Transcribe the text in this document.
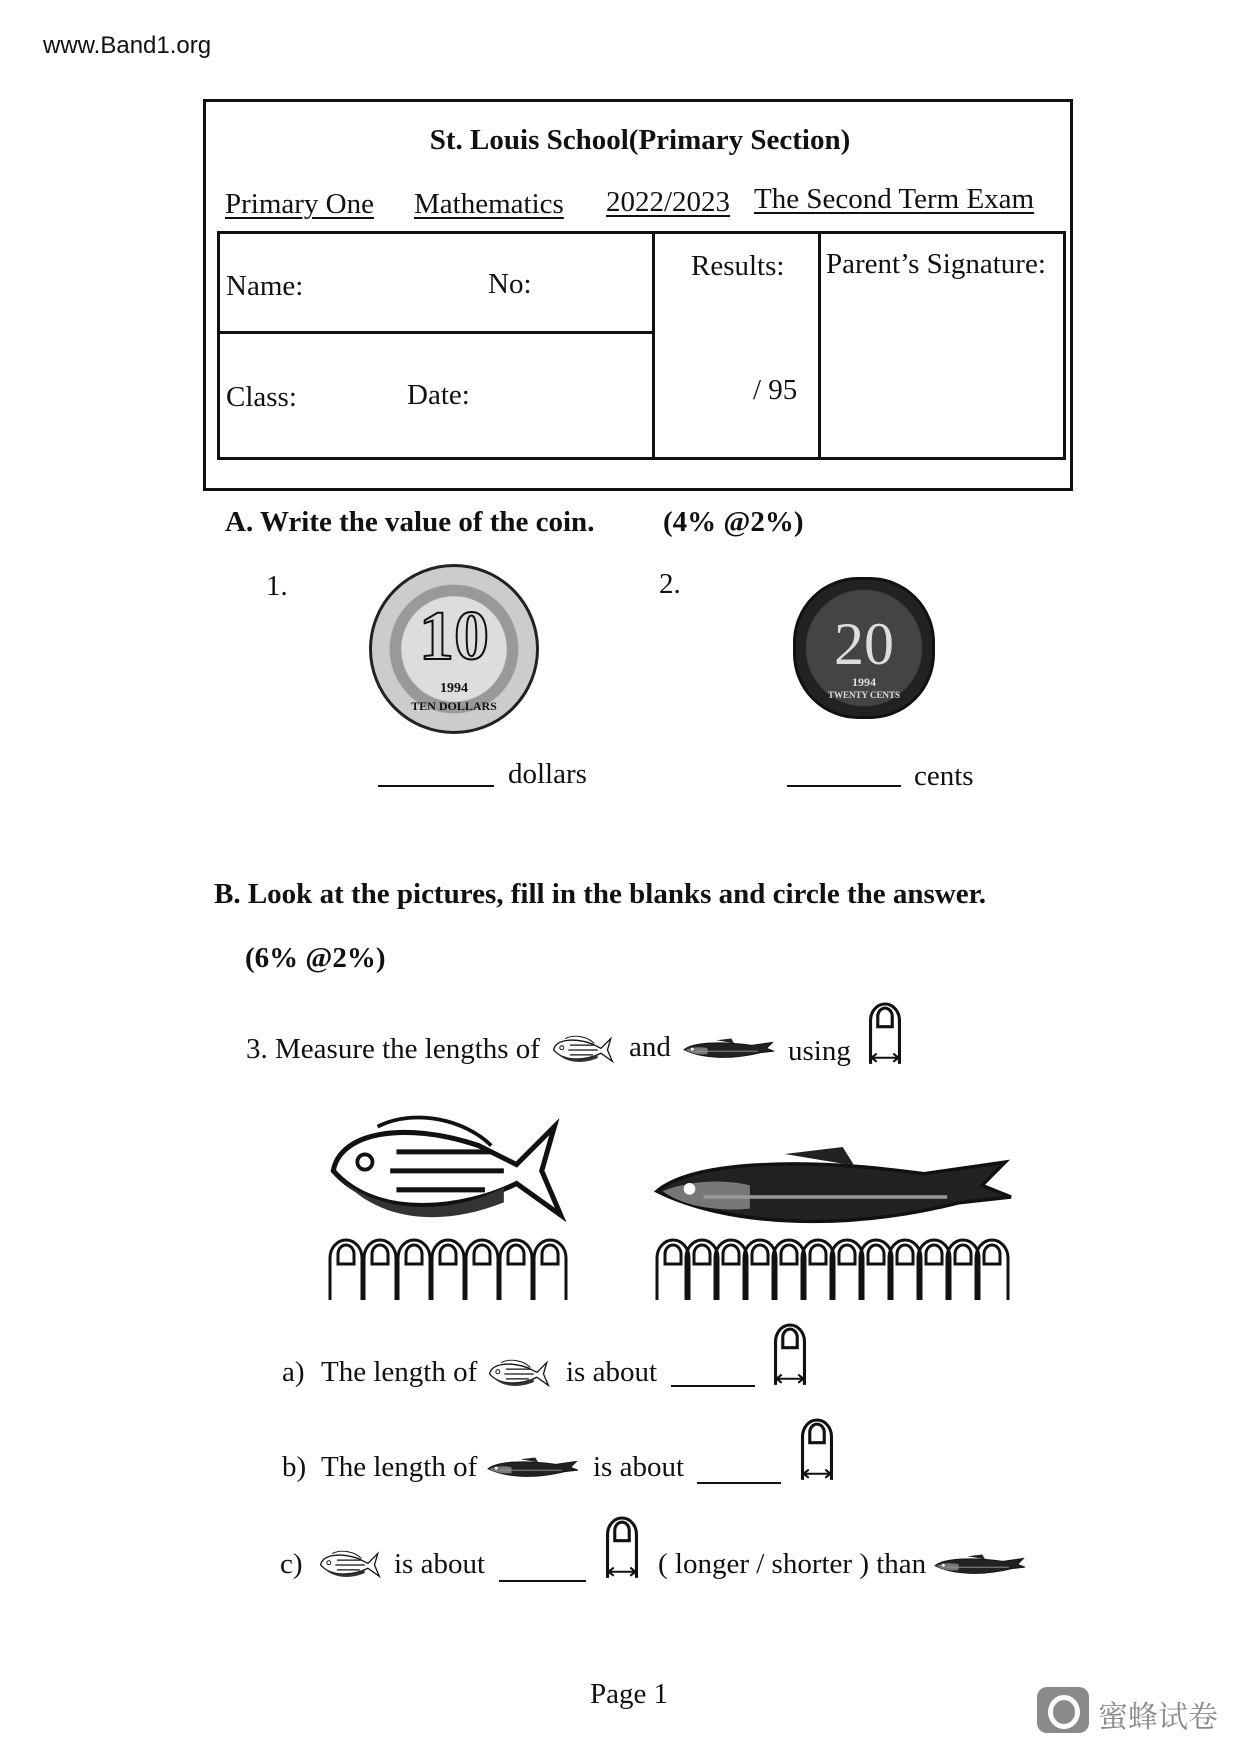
www.Band1.org
St. Louis School(Primary Section)
Primary One Mathematics 2022/2023 The Second Term Exam
Name:	No:
Class:	Date:
Results:
/ 95
Parent’s Signature:
A. Write the value of the coin. (4% @2%)
1.	2.
10
1994
TEN DOLLARS
20
1994
TWENTY CENTS
dollars	cents
B. Look at the pictures, fill in the blanks and circle the answer.
(6% @2%)
3. Measure the lengths of	and	using
a) The length of	is about
b) The length of	is about
c)	is about	( longer / shorter ) than
Page 1
蜜蜂试卷
